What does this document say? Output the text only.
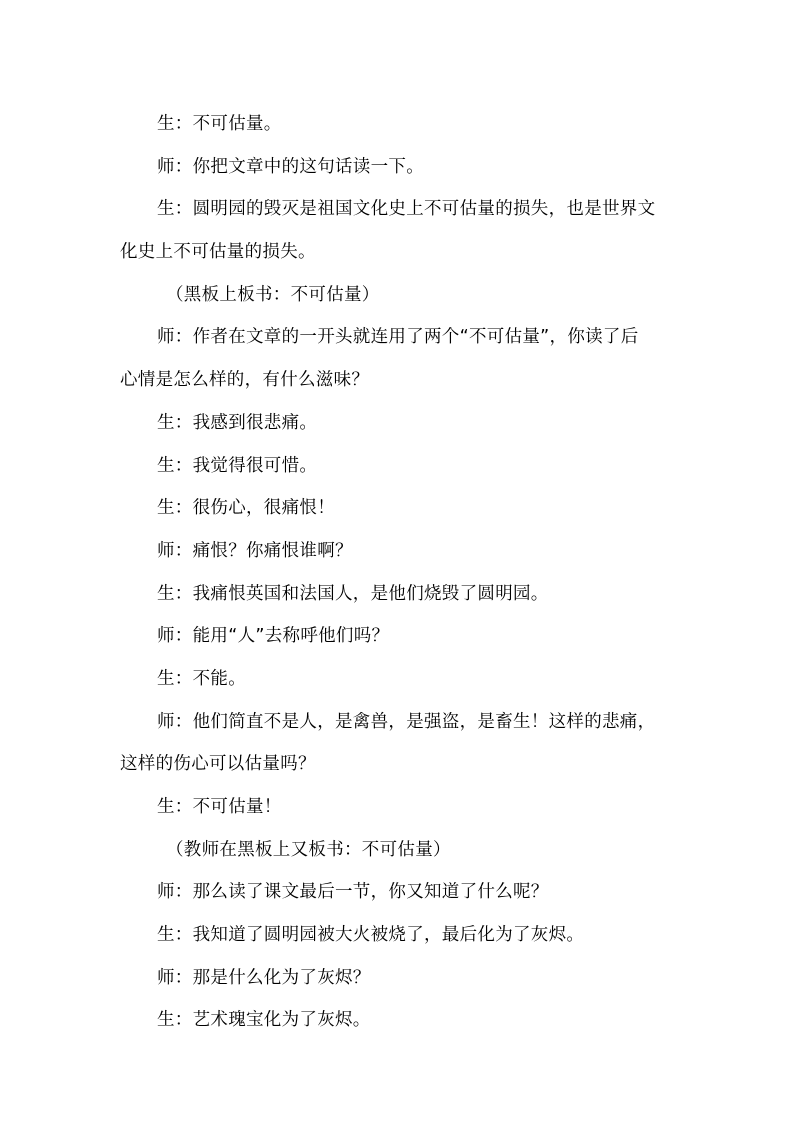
生：不可估量。
师：你把文章中的这句话读一下。
生：圆明园的毁灭是祖国文化史上不可估量的损失，也是世界文
化史上不可估量的损失。
（黑板上板书：不可估量）
师：作者在文章的一开头就连用了两个“不可估量”，你读了后
心情是怎么样的，有什么滋味？
生：我感到很悲痛。
生：我觉得很可惜。
生：很伤心，很痛恨！
师：痛恨？你痛恨谁啊？
生：我痛恨英国和法国人，是他们烧毁了圆明园。
师：能用“人”去称呼他们吗？
生：不能。
师：他们简直不是人，是禽兽，是强盗，是畜生！这样的悲痛，
这样的伤心可以估量吗？
生：不可估量！
（教师在黑板上又板书：不可估量）
师：那么读了课文最后一节，你又知道了什么呢？
生：我知道了圆明园被大火被烧了，最后化为了灰烬。
师：那是什么化为了灰烬？
生：艺术瑰宝化为了灰烬。
